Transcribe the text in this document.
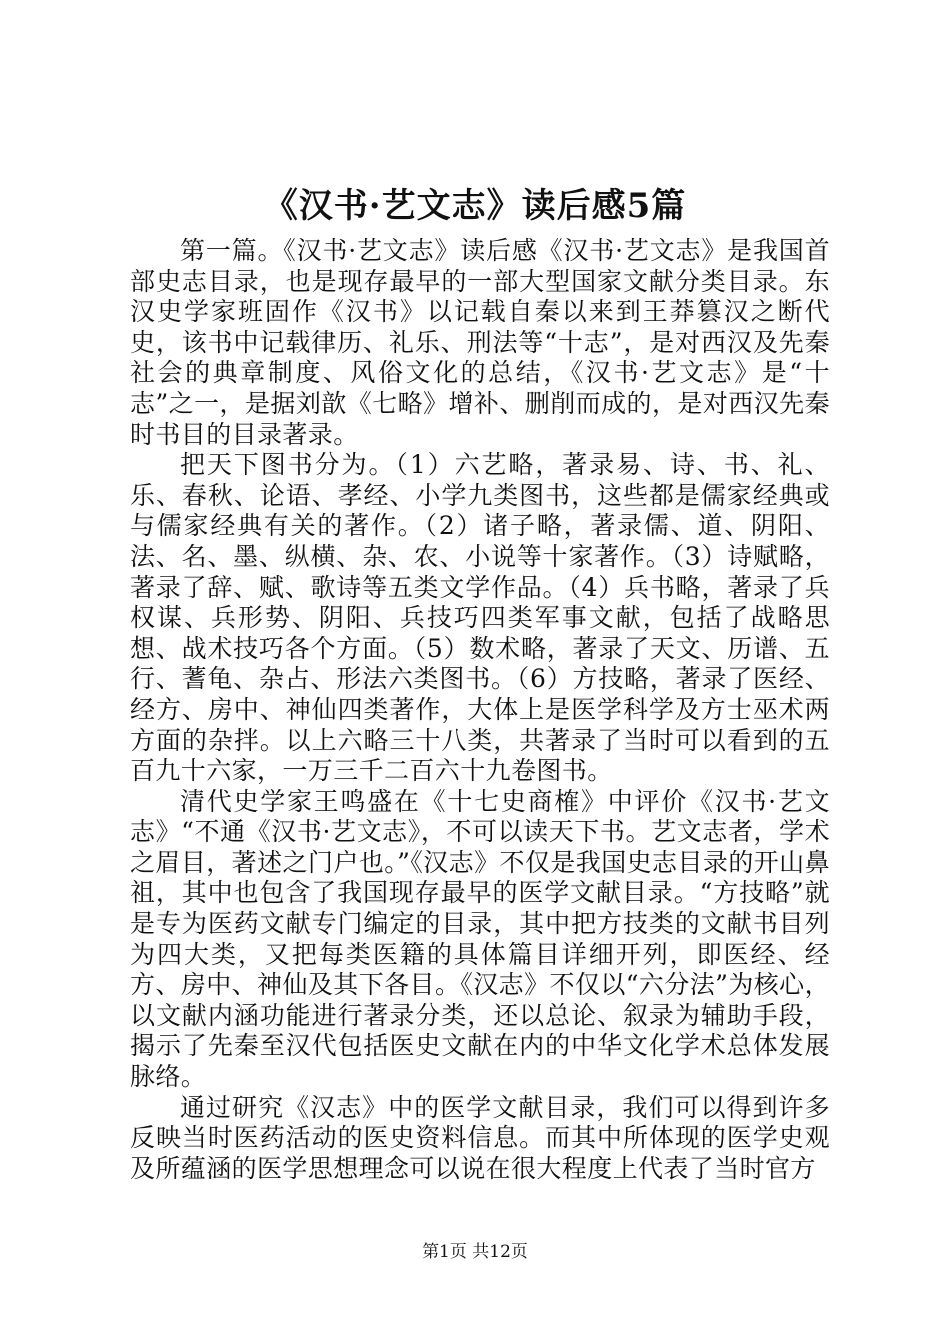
《汉书·艺文志》读后感5篇

第一篇。《汉书·艺文志》读后感《汉书·艺文志》是我国首部史志目录，也是现存最早的一部大型国家文献分类目录。东汉史学家班固作《汉书》以记载自秦以来到王莽篡汉之断代史，该书中记载律历、礼乐、刑法等“十志”，是对西汉及先秦社会的典章制度、风俗文化的总结，《汉书·艺文志》是“十志”之一，是据刘歆《七略》增补、删削而成的，是对西汉先秦时书目的目录著录。

把天下图书分为。（1）六艺略，著录易、诗、书、礼、乐、春秋、论语、孝经、小学九类图书，这些都是儒家经典或与儒家经典有关的著作。（2）诸子略，著录儒、道、阴阳、法、名、墨、纵横、杂、农、小说等十家著作。（3）诗赋略，著录了辞、赋、歌诗等五类文学作品。（4）兵书略，著录了兵权谋、兵形势、阴阳、兵技巧四类军事文献，包括了战略思想、战术技巧各个方面。（5）数术略，著录了天文、历谱、五行、蓍龟、杂占、形法六类图书。（6）方技略，著录了医经、经方、房中、神仙四类著作，大体上是医学科学及方士巫术两方面的杂拌。以上六略三十八类，共著录了当时可以看到的五百九十六家，一万三千二百六十九卷图书。

清代史学家王鸣盛在《十七史商榷》中评价《汉书·艺文志》“不通《汉书·艺文志》，不可以读天下书。艺文志者，学术之眉目，著述之门户也。”《汉志》不仅是我国史志目录的开山鼻祖，其中也包含了我国现存最早的医学文献目录。“方技略”就是专为医药文献专门编定的目录，其中把方技类的文献书目列为四大类，又把每类医籍的具体篇目详细开列，即医经、经方、房中、神仙及其下各目。《汉志》不仅以“六分法”为核心，以文献内涵功能进行著录分类，还以总论、叙录为辅助手段，揭示了先秦至汉代包括医史文献在内的中华文化学术总体发展脉络。

通过研究《汉志》中的医学文献目录，我们可以得到许多反映当时医药活动的医史资料信息。而其中所体现的医学史观及所蕴涵的医学思想理念可以说在很大程度上代表了当时官方

第1页 共12页
